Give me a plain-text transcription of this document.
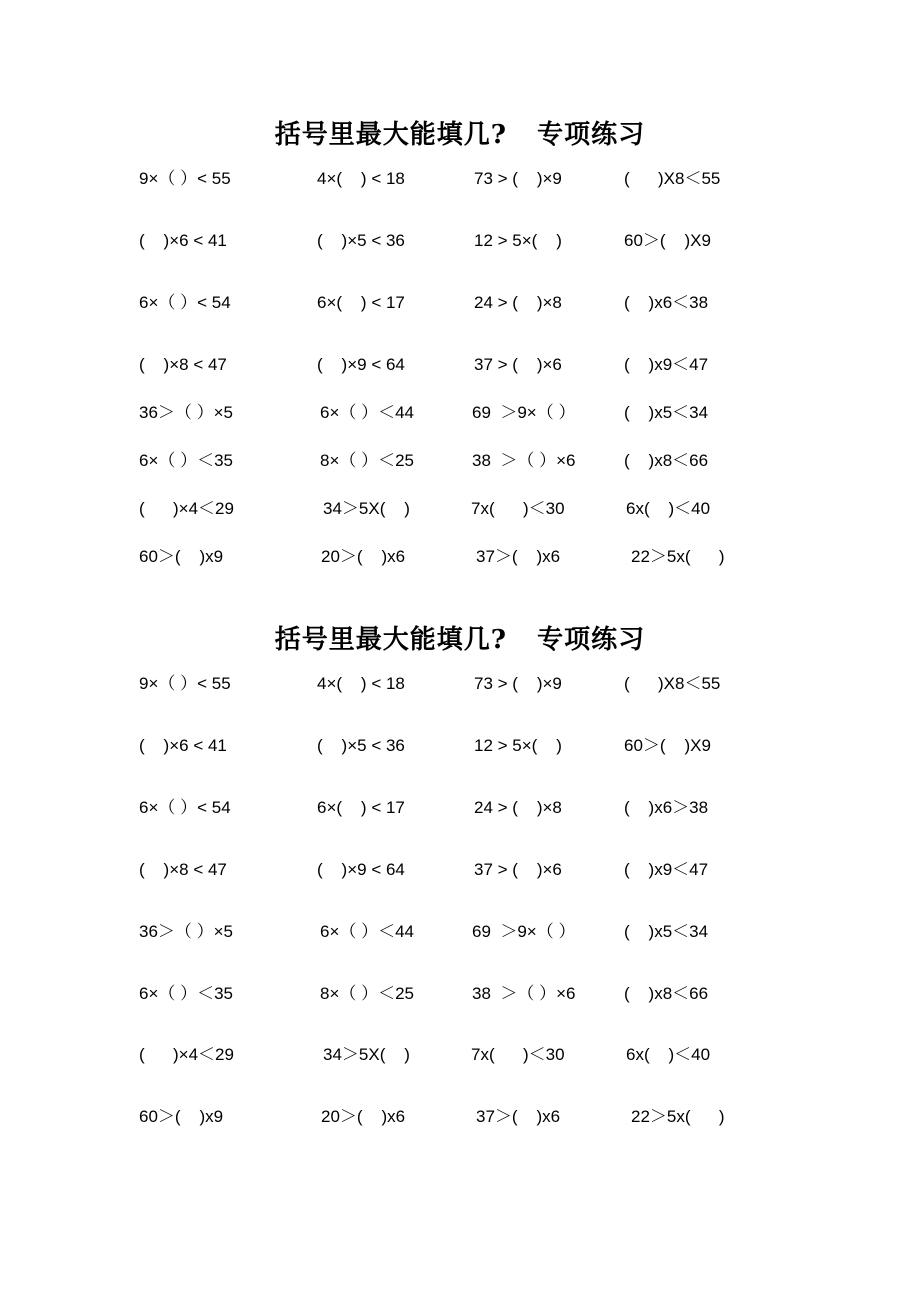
括号里最大能填几?   专项练习
9×（ ）< 55	4×(    ) < 18	73 > (    )×9	(      )X8＜55
(    )×6 < 41	(    )×5 < 36	12 > 5×(    )	60＞(    )X9
6×（ ）< 54	6×(    ) < 17	24 > (    )×8	(    )x6＜38
(    )×8 < 47	(    )×9 < 64	37 > (    )×6	(    )x9＜47
36＞（ ）×5	6×（ ）＜44	69  ＞9×（ ）	(    )x5＜34
6×（ ）＜35	8×（ ）＜25	38  ＞（ ）×6	(    )x8＜66
(      )×4＜29	34＞5X(    )	7x(      )＜30	6x(    )＜40
60＞(    )x9	20＞(    )x6	37＞(    )x6	22＞5x(      )
括号里最大能填几?   专项练习
9×（ ）< 55	4×(    ) < 18	73 > (    )×9	(      )X8＜55
(    )×6 < 41	(    )×5 < 36	12 > 5×(    )	60＞(    )X9
6×（ ）< 54	6×(    ) < 17	24 > (    )×8	(    )x6＞38
(    )×8 < 47	(    )×9 < 64	37 > (    )×6	(    )x9＜47
36＞（ ）×5	6×（ ）＜44	69  ＞9×（ ）	(    )x5＜34
6×（ ）＜35	8×（ ）＜25	38  ＞（ ）×6	(    )x8＜66
(      )×4＜29	34＞5X(    )	7x(      )＜30	6x(    )＜40
60＞(    )x9	20＞(    )x6	37＞(    )x6	22＞5x(      )
